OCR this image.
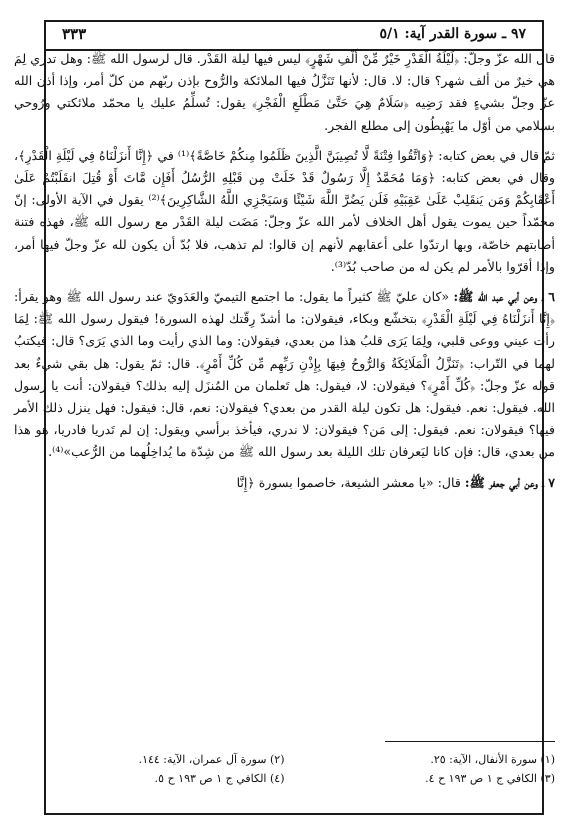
٩٧ ـ سورة القدر آية: ٥/١
٣٣٣

قال الله عزّ وجلّ: ﴿لَيْلَةُ الْقَدْرِ خَيْرٌ مِّنْ أَلْفِ شَهْرٍ﴾ ليس فيها ليلة القَدْر. قال لرسول الله ﷺ: وهل تدري لِمَ هي خيرٌ من ألف شهر؟ قال: لا. قال: لأنها تَنَزَّلُ فيها الملائكة والرُّوح بإذن ربّهم من كلّ أمر، وإذا أذن الله عزّ وجلّ بشيءٍ فقد رَضِيه ﴿سَلَامٌ هِيَ حَتَّىٰ مَطْلَعِ الْفَجْرِ﴾ يقول: تُسلِّمُ عليك يا محمّد ملائكتي ورُوحي بسلامي من أوّل ما يَهْبِطُون إلى مطلع الفجر.

ثمّ قال في بعض كتابه: ﴿وَاتَّقُوا فِتْنَةً لَّا تُصِيبَنَّ الَّذِينَ ظَلَمُوا مِنكُمْ خَاصَّةً﴾⁽¹⁾ في ﴿إِنَّا أَنزَلْنَاهُ فِي لَيْلَةِ الْقَدْرِ﴾، وقال في بعض كتابه: ﴿وَمَا مُحَمَّدٌ إِلَّا رَسُولٌ قَدْ خَلَتْ مِن قَبْلِهِ الرُّسُلُ أَفَإِن مَّاتَ أَوْ قُتِلَ انقَلَبْتُمْ عَلَىٰ أَعْقَابِكُمْ وَمَن يَنقَلِبْ عَلَىٰ عَقِبَيْهِ فَلَن يَضُرَّ اللَّهَ شَيْئًا وَسَيَجْزِي اللَّهُ الشَّاكِرِينَ﴾⁽²⁾ يقول في الآية الأولى: إنّ محمّداً حين يموت يقول أهل الخلاف لأمر الله عزّ وجلّ: مَضَت ليلة القَدْر مع رسول الله ﷺ، فهذه فتنة أصابتهم خاصّة، وبها ارتدّوا على أعقابهم لأنهم إن قالوا: لم تذهب، فلا بُدّ أن يكون لله عزّ وجلّ فيها أمر، وإذا أقرّوا بالأمر لم يكن له من صاحب بُدّ⁽³⁾.

٦ ـ وعن أبي عبد الله ﷺ: «كان عليّ ﷺ كثيراً ما يقول: ما اجتمع التيميّ والعَدَويّ عند رسول الله ﷺ وهو يقرأ: ﴿إِنَّا أَنزَلْنَاهُ فِي لَيْلَةِ الْقَدْرِ﴾ بتخشّع وبكاء، فيقولان: ما أشدّ رِقّتك لهذه السورة! فيقول رسول الله ﷺ: لِمَا رأت عيني ووعى قلبي، ولِمَا يَرَى قلبُ هذا من بعدي، فيقولان: وما الذي رأيت وما الذي يَرَى؟ قال: فيكتبُ لهما في التّراب: ﴿تَنَزَّلُ الْمَلَائِكَةُ وَالرُّوحُ فِيهَا بِإِذْنِ رَبِّهِم مِّن كُلِّ أَمْرٍ﴾. قال: ثمّ يقول: هل بقي شيءٌ بعد قوله عزّ وجلّ: ﴿كُلِّ أَمْرٍ﴾؟ فيقولان: لا، فيقول: هل تَعلمان من المُنزَل إليه بذلك؟ فيقولان: أنت يا رسول الله. فيقول: نعم. فيقول: هل تكون ليلة القدر من بعدي؟ فيقولان: نعم، قال: فيقول: فهل ينزل ذلك الأمر فيها؟ فيقولان: نعم. فيقول: إلى مَن؟ فيقولان: لا ندري، فيأخذ برأسي ويقول: إن لم تَدريا فادريا، هو هذا من بعدي، قال: فإن كانا ليَعرفان تلك الليلة بعد رسول الله ﷺ من شِدّة ما يُداخِلُهما من الرُّعب»⁽⁴⁾.

٧ ـ وعن أبي جعفر ﷺ: قال: «يا معشر الشيعة، خاصموا بسورة ﴿إِنَّا

(١) سورة الأنفال، الآية: ٢٥.
(٢) سورة آل عمران، الآية: ١٤٤.
(٣) الكافي ج ١ ص ١٩٣ ح ٤.
(٤) الكافي ج ١ ص ١٩٣ ح ٥.
